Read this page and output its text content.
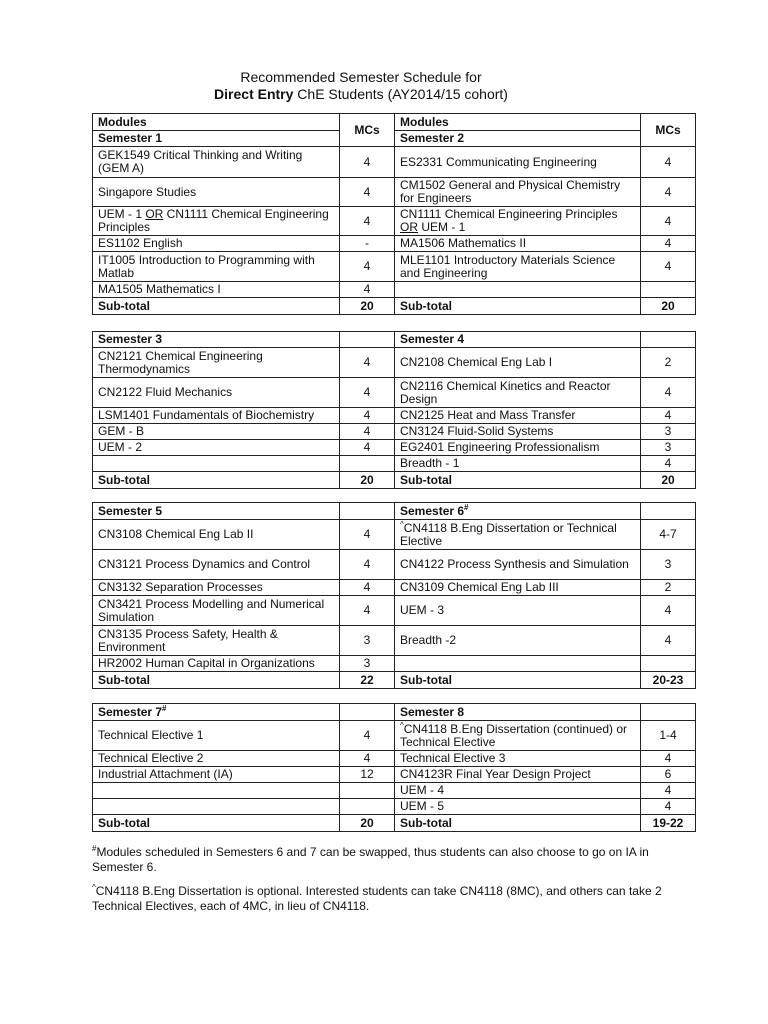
Recommended Semester Schedule for
Direct Entry ChE Students (AY2014/15 cohort)
Modules	MCs	Modules	MCs
Semester 1		Semester 2	
GEK1549 Critical Thinking and Writing (GEM A)	4	ES2331 Communicating Engineering	4
Singapore Studies	4	CM1502 General and Physical Chemistry for Engineers	4
UEM - 1 OR CN1111 Chemical Engineering Principles	4	CN1111 Chemical Engineering Principles OR UEM - 1	4
ES1102 English	-	MA1506 Mathematics II	4
IT1005 Introduction to Programming with Matlab	4	MLE1101 Introductory Materials Science and Engineering	4
MA1505 Mathematics I	4		
Sub-total	20	Sub-total	20
Semester 3		Semester 4	
CN2121 Chemical Engineering Thermodynamics	4	CN2108 Chemical Eng Lab I	2
CN2122 Fluid Mechanics	4	CN2116 Chemical Kinetics and Reactor Design	4
LSM1401 Fundamentals of Biochemistry	4	CN2125 Heat and Mass Transfer	4
GEM - B	4	CN3124 Fluid-Solid Systems	3
UEM - 2	4	EG2401 Engineering Professionalism	3
		Breadth - 1	4
Sub-total	20	Sub-total	20
Semester 5		Semester 6#	
CN3108 Chemical Eng Lab II	4	^CN4118 B.Eng Dissertation or Technical Elective	4-7
CN3121 Process Dynamics and Control	4	CN4122 Process Synthesis and Simulation	3
CN3132 Separation Processes	4	CN3109 Chemical Eng Lab III	2
CN3421 Process Modelling and Numerical Simulation	4	UEM - 3	4
CN3135 Process Safety, Health & Environment	3	Breadth -2	4
HR2002 Human Capital in Organizations	3		
Sub-total	22	Sub-total	20-23
Semester 7#		Semester 8	
Technical Elective 1	4	^CN4118 B.Eng Dissertation (continued) or Technical Elective	1-4
Technical Elective 2	4	Technical Elective 3	4
Industrial Attachment (IA)	12	CN4123R Final Year Design Project	6
		UEM - 4	4
		UEM - 5	4
Sub-total	20	Sub-total	19-22
#Modules scheduled in Semesters 6 and 7 can be swapped, thus students can also choose to go on IA in Semester 6.
^CN4118 B.Eng Dissertation is optional. Interested students can take CN4118 (8MC), and others can take 2 Technical Electives, each of 4MC, in lieu of CN4118.
